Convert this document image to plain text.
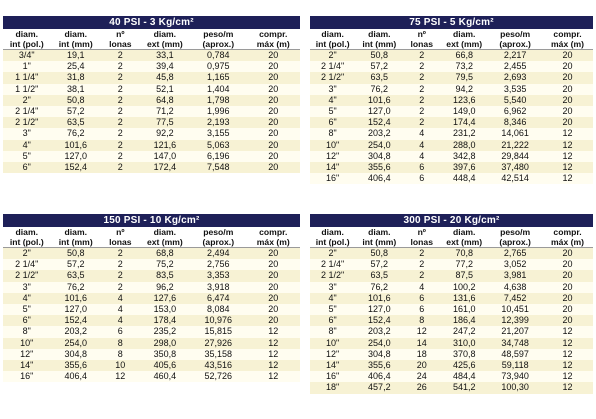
40 PSI - 3 Kg/cm²
diam.	diam.	nº	diam.	peso/m	compr.
int (pol.)	int (mm)	lonas	ext (mm)	(aprox.)	máx (m)
3/4"	19,1	2	33,1	0,784	20
1"	25,4	2	39,4	0,975	20
1 1/4"	31,8	2	45,8	1,165	20
1 1/2"	38,1	2	52,1	1,404	20
2"	50,8	2	64,8	1,798	20
2 1/4"	57,2	2	71,2	1,996	20
2 1/2"	63,5	2	77,5	2,193	20
3"	76,2	2	92,2	3,155	20
4"	101,6	2	121,6	5,063	20
5"	127,0	2	147,0	6,196	20
6"	152,4	2	172,4	7,548	20
75 PSI - 5 Kg/cm²
diam.	diam.	nº	diam.	peso/m	compr.
int (pol.)	int (mm)	lonas	ext (mm)	(aprox.)	máx (m)
2"	50,8	2	66,8	2,217	20
2 1/4"	57,2	2	73,2	2,455	20
2 1/2"	63,5	2	79,5	2,693	20
3"	76,2	2	94,2	3,535	20
4"	101,6	2	123,6	5,540	20
5"	127,0	2	149,0	6,962	20
6"	152,4	2	174,4	8,346	20
8"	203,2	4	231,2	14,061	12
10"	254,0	4	288,0	21,222	12
12"	304,8	4	342,8	29,844	12
14"	355,6	6	397,6	37,480	12
16"	406,4	6	448,4	42,514	12
150 PSI - 10 Kg/cm²
diam.	diam.	nº	diam.	peso/m	compr.
int (pol.)	int (mm)	lonas	ext (mm)	(aprox.)	máx (m)
2"	50,8	2	68,8	2,494	20
2 1/4"	57,2	2	75,2	2,756	20
2 1/2"	63,5	2	83,5	3,353	20
3"	76,2	2	96,2	3,918	20
4"	101,6	4	127,6	6,474	20
5"	127,0	4	153,0	8,084	20
6"	152,4	4	178,4	10,976	20
8"	203,2	6	235,2	15,815	12
10"	254,0	8	298,0	27,926	12
12"	304,8	8	350,8	35,158	12
14"	355,6	10	405,6	43,516	12
16"	406,4	12	460,4	52,726	12
300 PSI - 20 Kg/cm²
diam.	diam.	nº	diam.	peso/m	compr.
int (pol.)	int (mm)	lonas	ext (mm)	(aprox.)	máx (m)
2"	50,8	2	70,8	2,765	20
2 1/4"	57,2	2	77,2	3,052	20
2 1/2"	63,5	2	87,5	3,981	20
3"	76,2	4	100,2	4,638	20
4"	101,6	6	131,6	7,452	20
5"	127,0	6	161,0	10,451	20
6"	152,4	8	186,4	12,399	20
8"	203,2	12	247,2	21,207	12
10"	254,0	14	310,0	34,748	12
12"	304,8	18	370,8	48,597	12
14"	355,6	20	425,6	59,118	12
16"	406,4	24	484,4	73,940	12
18"	457,2	26	541,2	100,30	12
